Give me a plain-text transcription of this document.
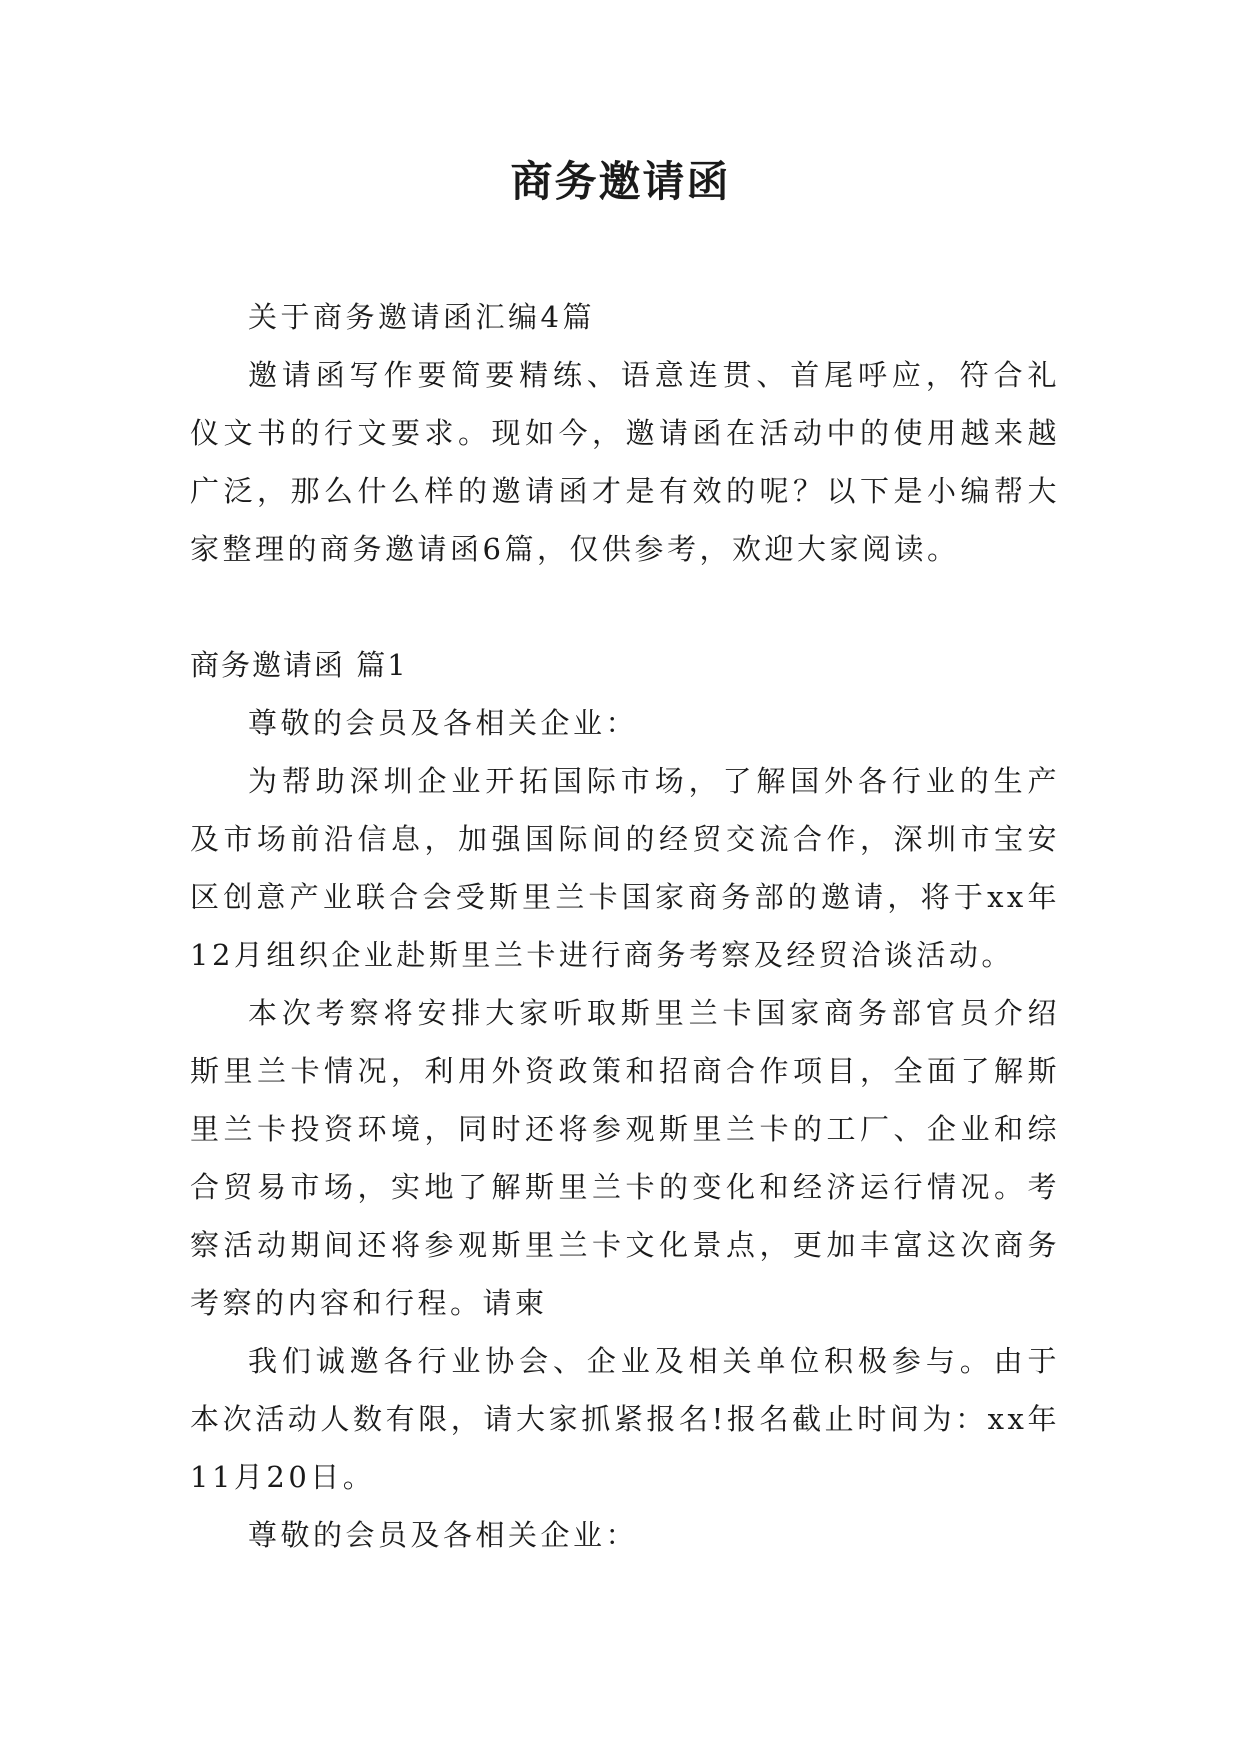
商务邀请函

关于商务邀请函汇编4篇

邀请函写作要简要精练、语意连贯、首尾呼应，符合礼仪文书的行文要求。现如今，邀请函在活动中的使用越来越广泛，那么什么样的邀请函才是有效的呢？以下是小编帮大家整理的商务邀请函6篇，仅供参考，欢迎大家阅读。

商务邀请函 篇1

尊敬的会员及各相关企业：

为帮助深圳企业开拓国际市场，了解国外各行业的生产及市场前沿信息，加强国际间的经贸交流合作，深圳市宝安区创意产业联合会受斯里兰卡国家商务部的邀请，将于xx年12月组织企业赴斯里兰卡进行商务考察及经贸洽谈活动。

本次考察将安排大家听取斯里兰卡国家商务部官员介绍斯里兰卡情况，利用外资政策和招商合作项目，全面了解斯里兰卡投资环境，同时还将参观斯里兰卡的工厂、企业和综合贸易市场，实地了解斯里兰卡的变化和经济运行情况。考察活动期间还将参观斯里兰卡文化景点，更加丰富这次商务考察的内容和行程。请柬

我们诚邀各行业协会、企业及相关单位积极参与。由于本次活动人数有限，请大家抓紧报名!报名截止时间为：xx年11月20日。

尊敬的会员及各相关企业：
